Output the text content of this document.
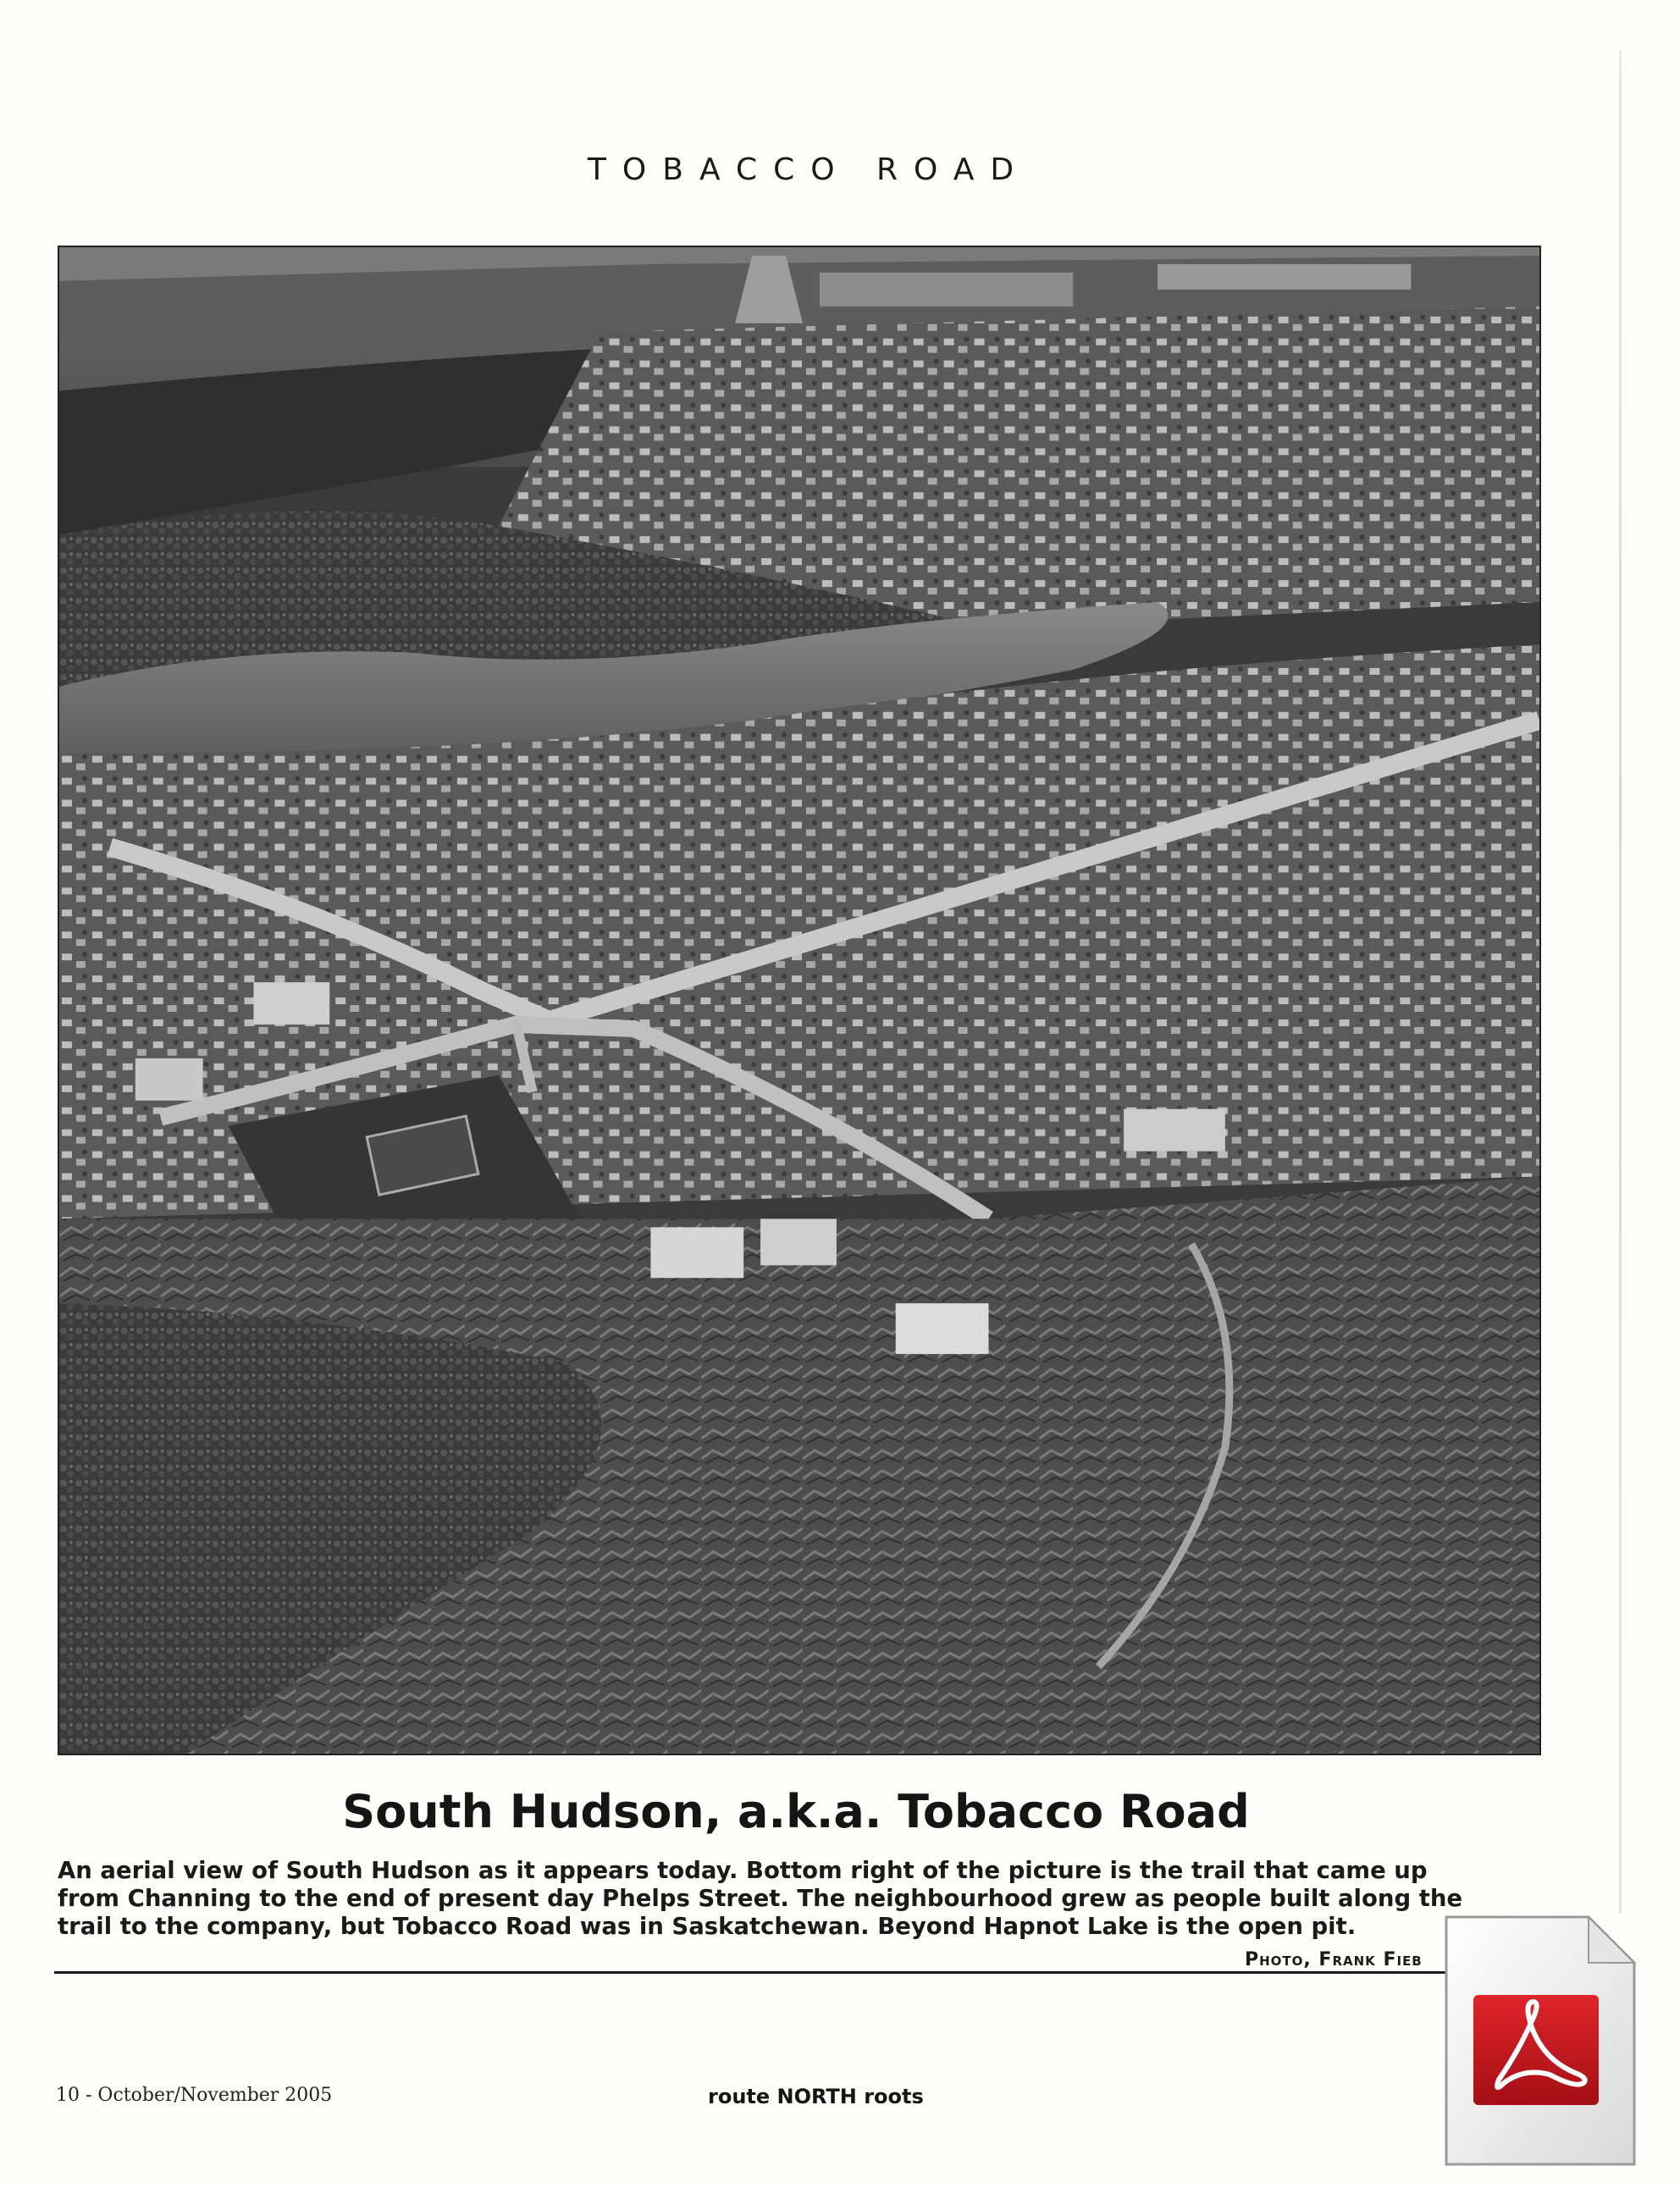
TOBACCO ROAD
South Hudson, a.k.a. Tobacco Road
An aerial view of South Hudson as it appears today. Bottom right of the picture is the trail that came up from Channing to the end of present day Phelps Street. The neighbourhood grew as people built along the trail to the company, but Tobacco Road was in Saskatchewan. Beyond Hapnot Lake is the open pit.
Photo, Frank Fieb
10 - October/November 2005	route NORTH roots
